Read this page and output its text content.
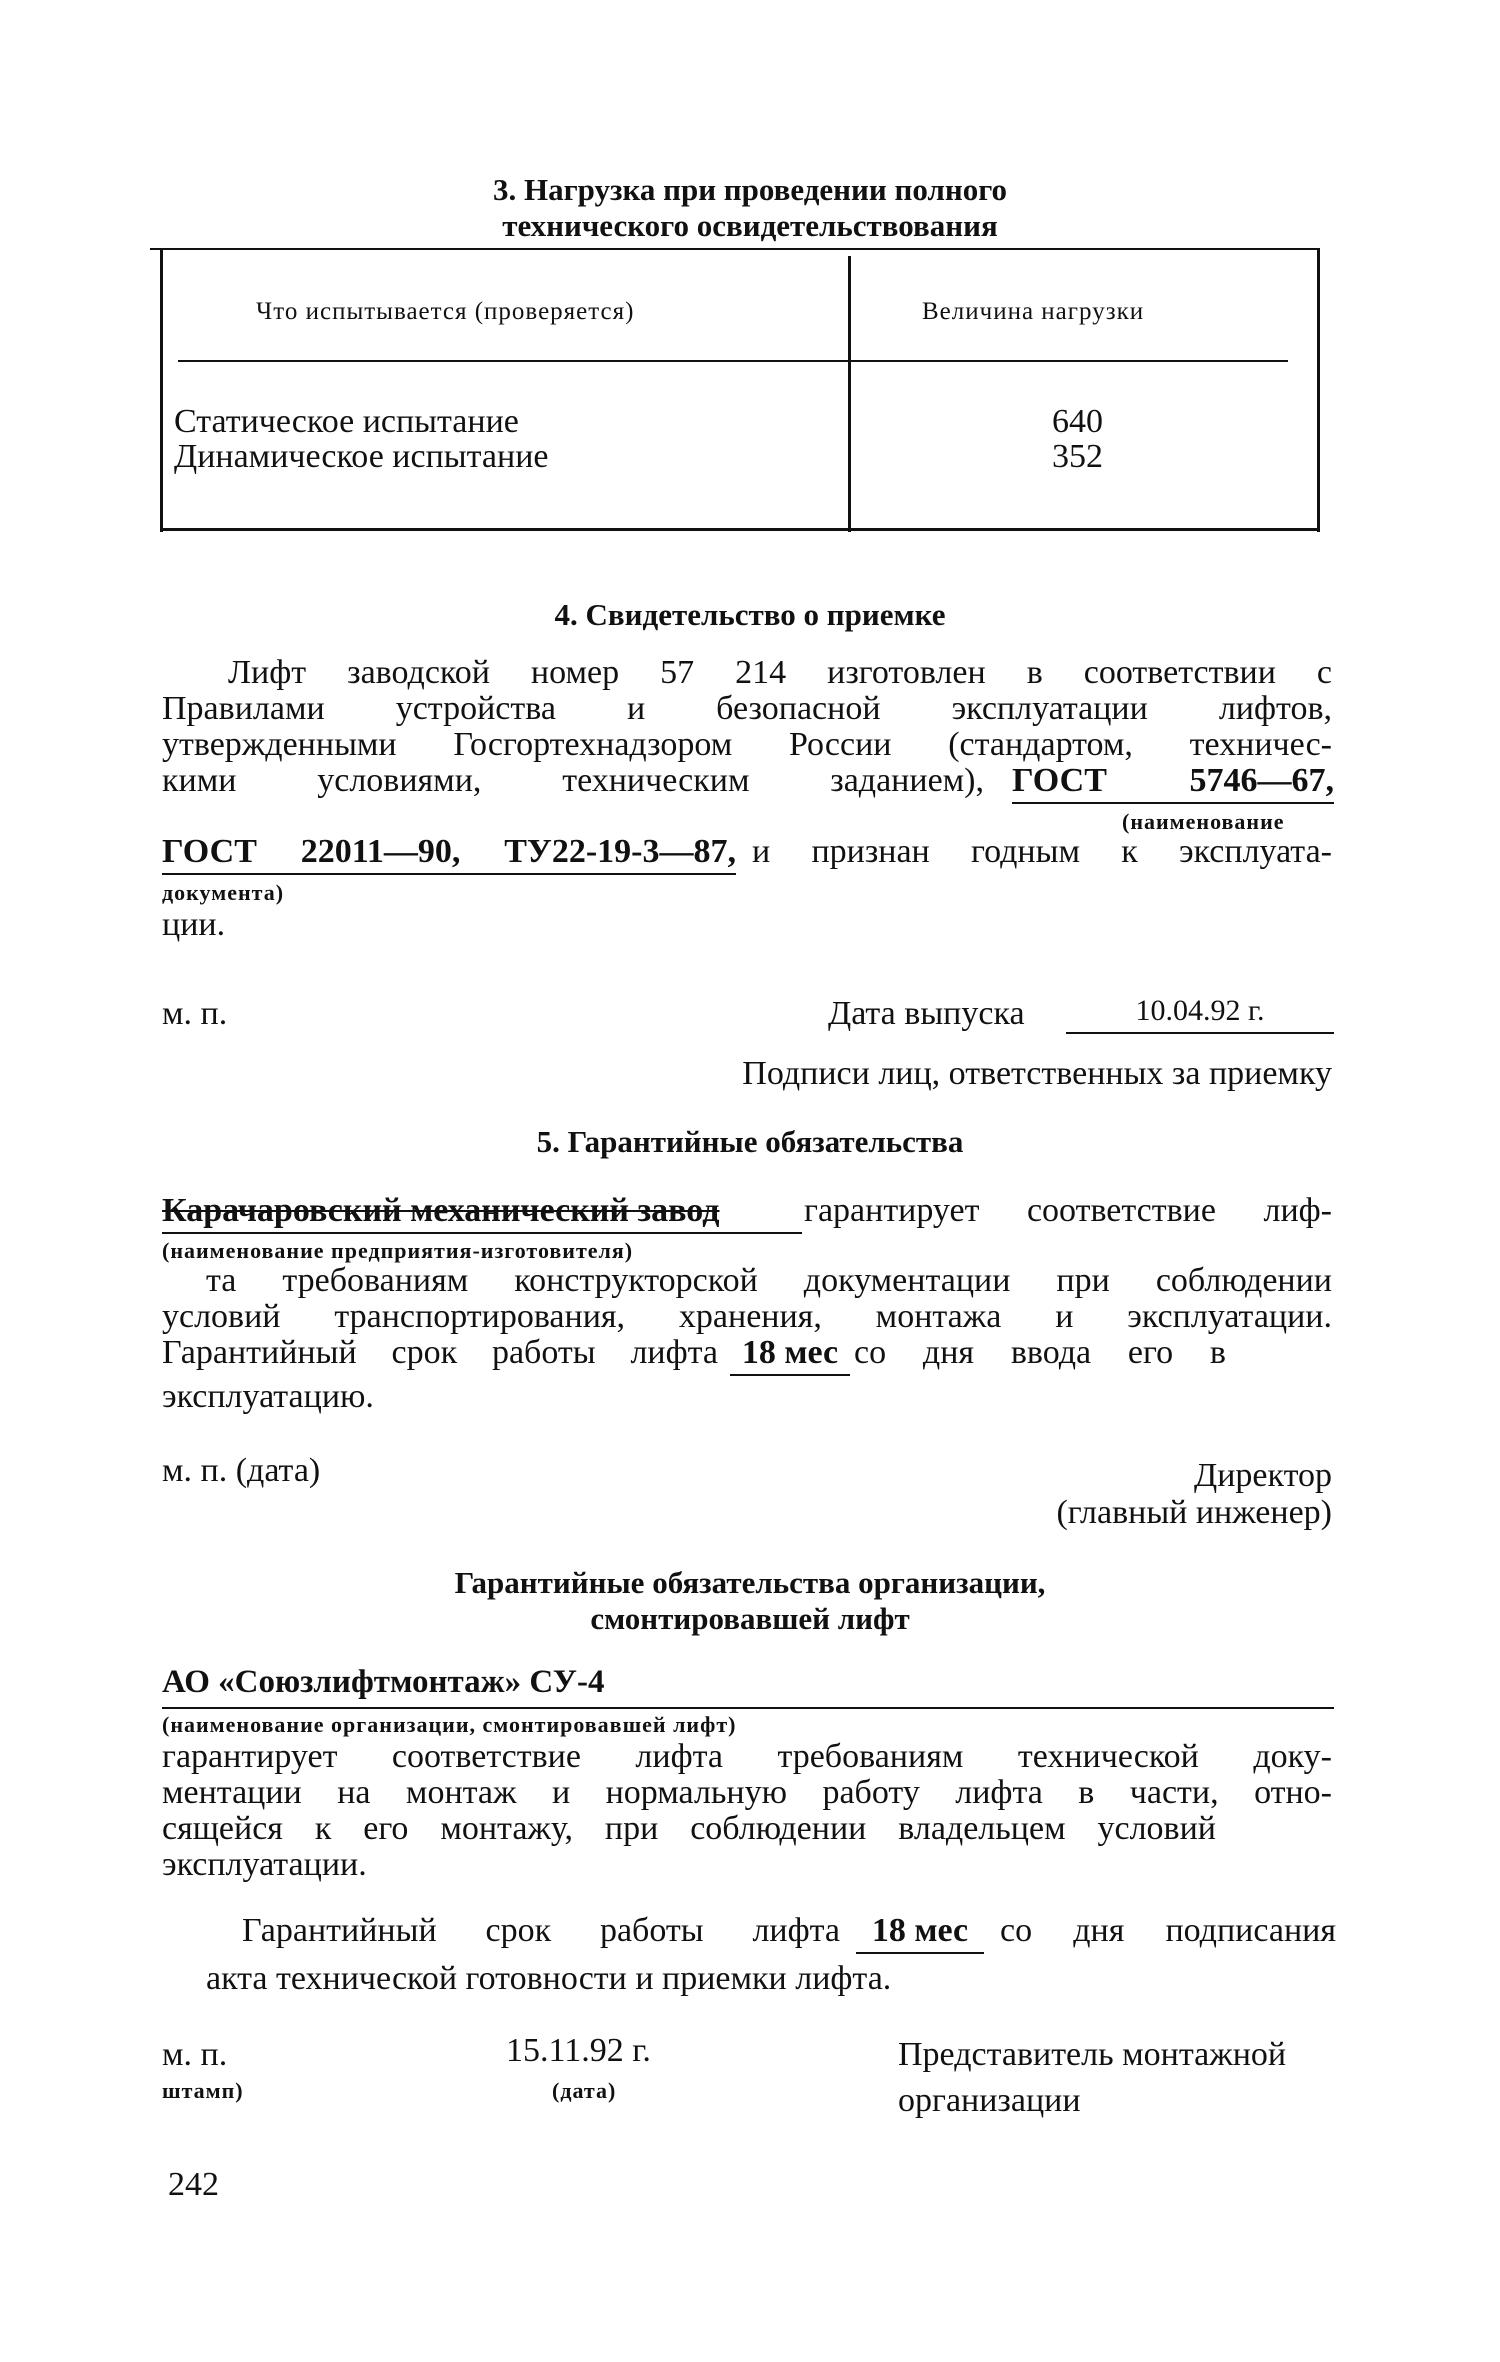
3. Нагрузка при проведении полного
технического освидетельствования
Что испытывается (проверяется)	Величина нагрузки
Статическое испытание	640
Динамическое испытание	352
4. Свидетельство о приемке
Лифт заводской номер 57 214 изготовлен в соответствии с
Правилами устройства и безопасной эксплуатации лифтов,
утвержденными Госгортехнадзором России (стандартом, техничес-
кими условиями, техническим заданием), ГОСТ 5746—67,
(наименование
ГОСТ 22011—90, ТУ22-19-3—87, и признан годным к эксплуата-
документа)
ции.
м. п.	Дата выпуска	10.04.92 г.
Подписи лиц, ответственных за приемку
5. Гарантийные обязательства
Карачаровский механический завод	гарантирует соответствие лиф-
(наименование предприятия-изготовителя)
та требованиям конструкторской документации при соблюдении
условий транспортирования, хранения, монтажа и эксплуатации.
Гарантийный срок работы лифта 18 мес со дня ввода его в
эксплуатацию.
м. п. (дата)	Директор
(главный инженер)
Гарантийные обязательства организации,
смонтировавшей лифт
АО «Союзлифтмонтаж» СУ-4
(наименование организации, смонтировавшей лифт)
гарантирует соответствие лифта требованиям технической доку-
ментации на монтаж и нормальную работу лифта в части, отно-
сящейся к его монтажу, при соблюдении владельцем условий
эксплуатации.
Гарантийный срок работы лифта 18 мес со дня подписания
акта технической готовности и приемки лифта.
м. п.
штамп)
15.11.92 г.
(дата)
Представитель монтажной
организации
242
